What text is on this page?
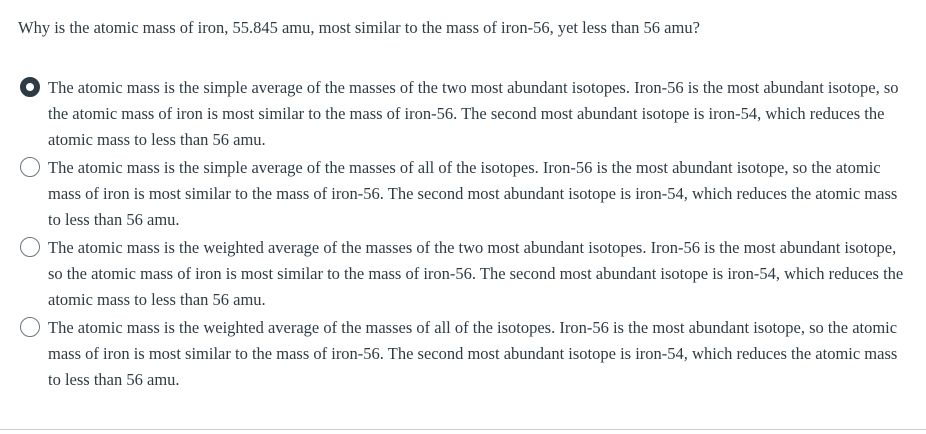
Why is the atomic mass of iron, 55.845 amu, most similar to the mass of iron-56, yet less than 56 amu?
The atomic mass is the simple average of the masses of the two most abundant isotopes. Iron-56 is the most abundant isotope, so the atomic mass of iron is most similar to the mass of iron-56. The second most abundant isotope is iron-54, which reduces the atomic mass to less than 56 amu.
The atomic mass is the simple average of the masses of all of the isotopes. Iron-56 is the most abundant isotope, so the atomic mass of iron is most similar to the mass of iron-56. The second most abundant isotope is iron-54, which reduces the atomic mass to less than 56 amu.
The atomic mass is the weighted average of the masses of the two most abundant isotopes. Iron-56 is the most abundant isotope, so the atomic mass of iron is most similar to the mass of iron-56. The second most abundant isotope is iron-54, which reduces the atomic mass to less than 56 amu.
The atomic mass is the weighted average of the masses of all of the isotopes. Iron-56 is the most abundant isotope, so the atomic mass of iron is most similar to the mass of iron-56. The second most abundant isotope is iron-54, which reduces the atomic mass to less than 56 amu.
